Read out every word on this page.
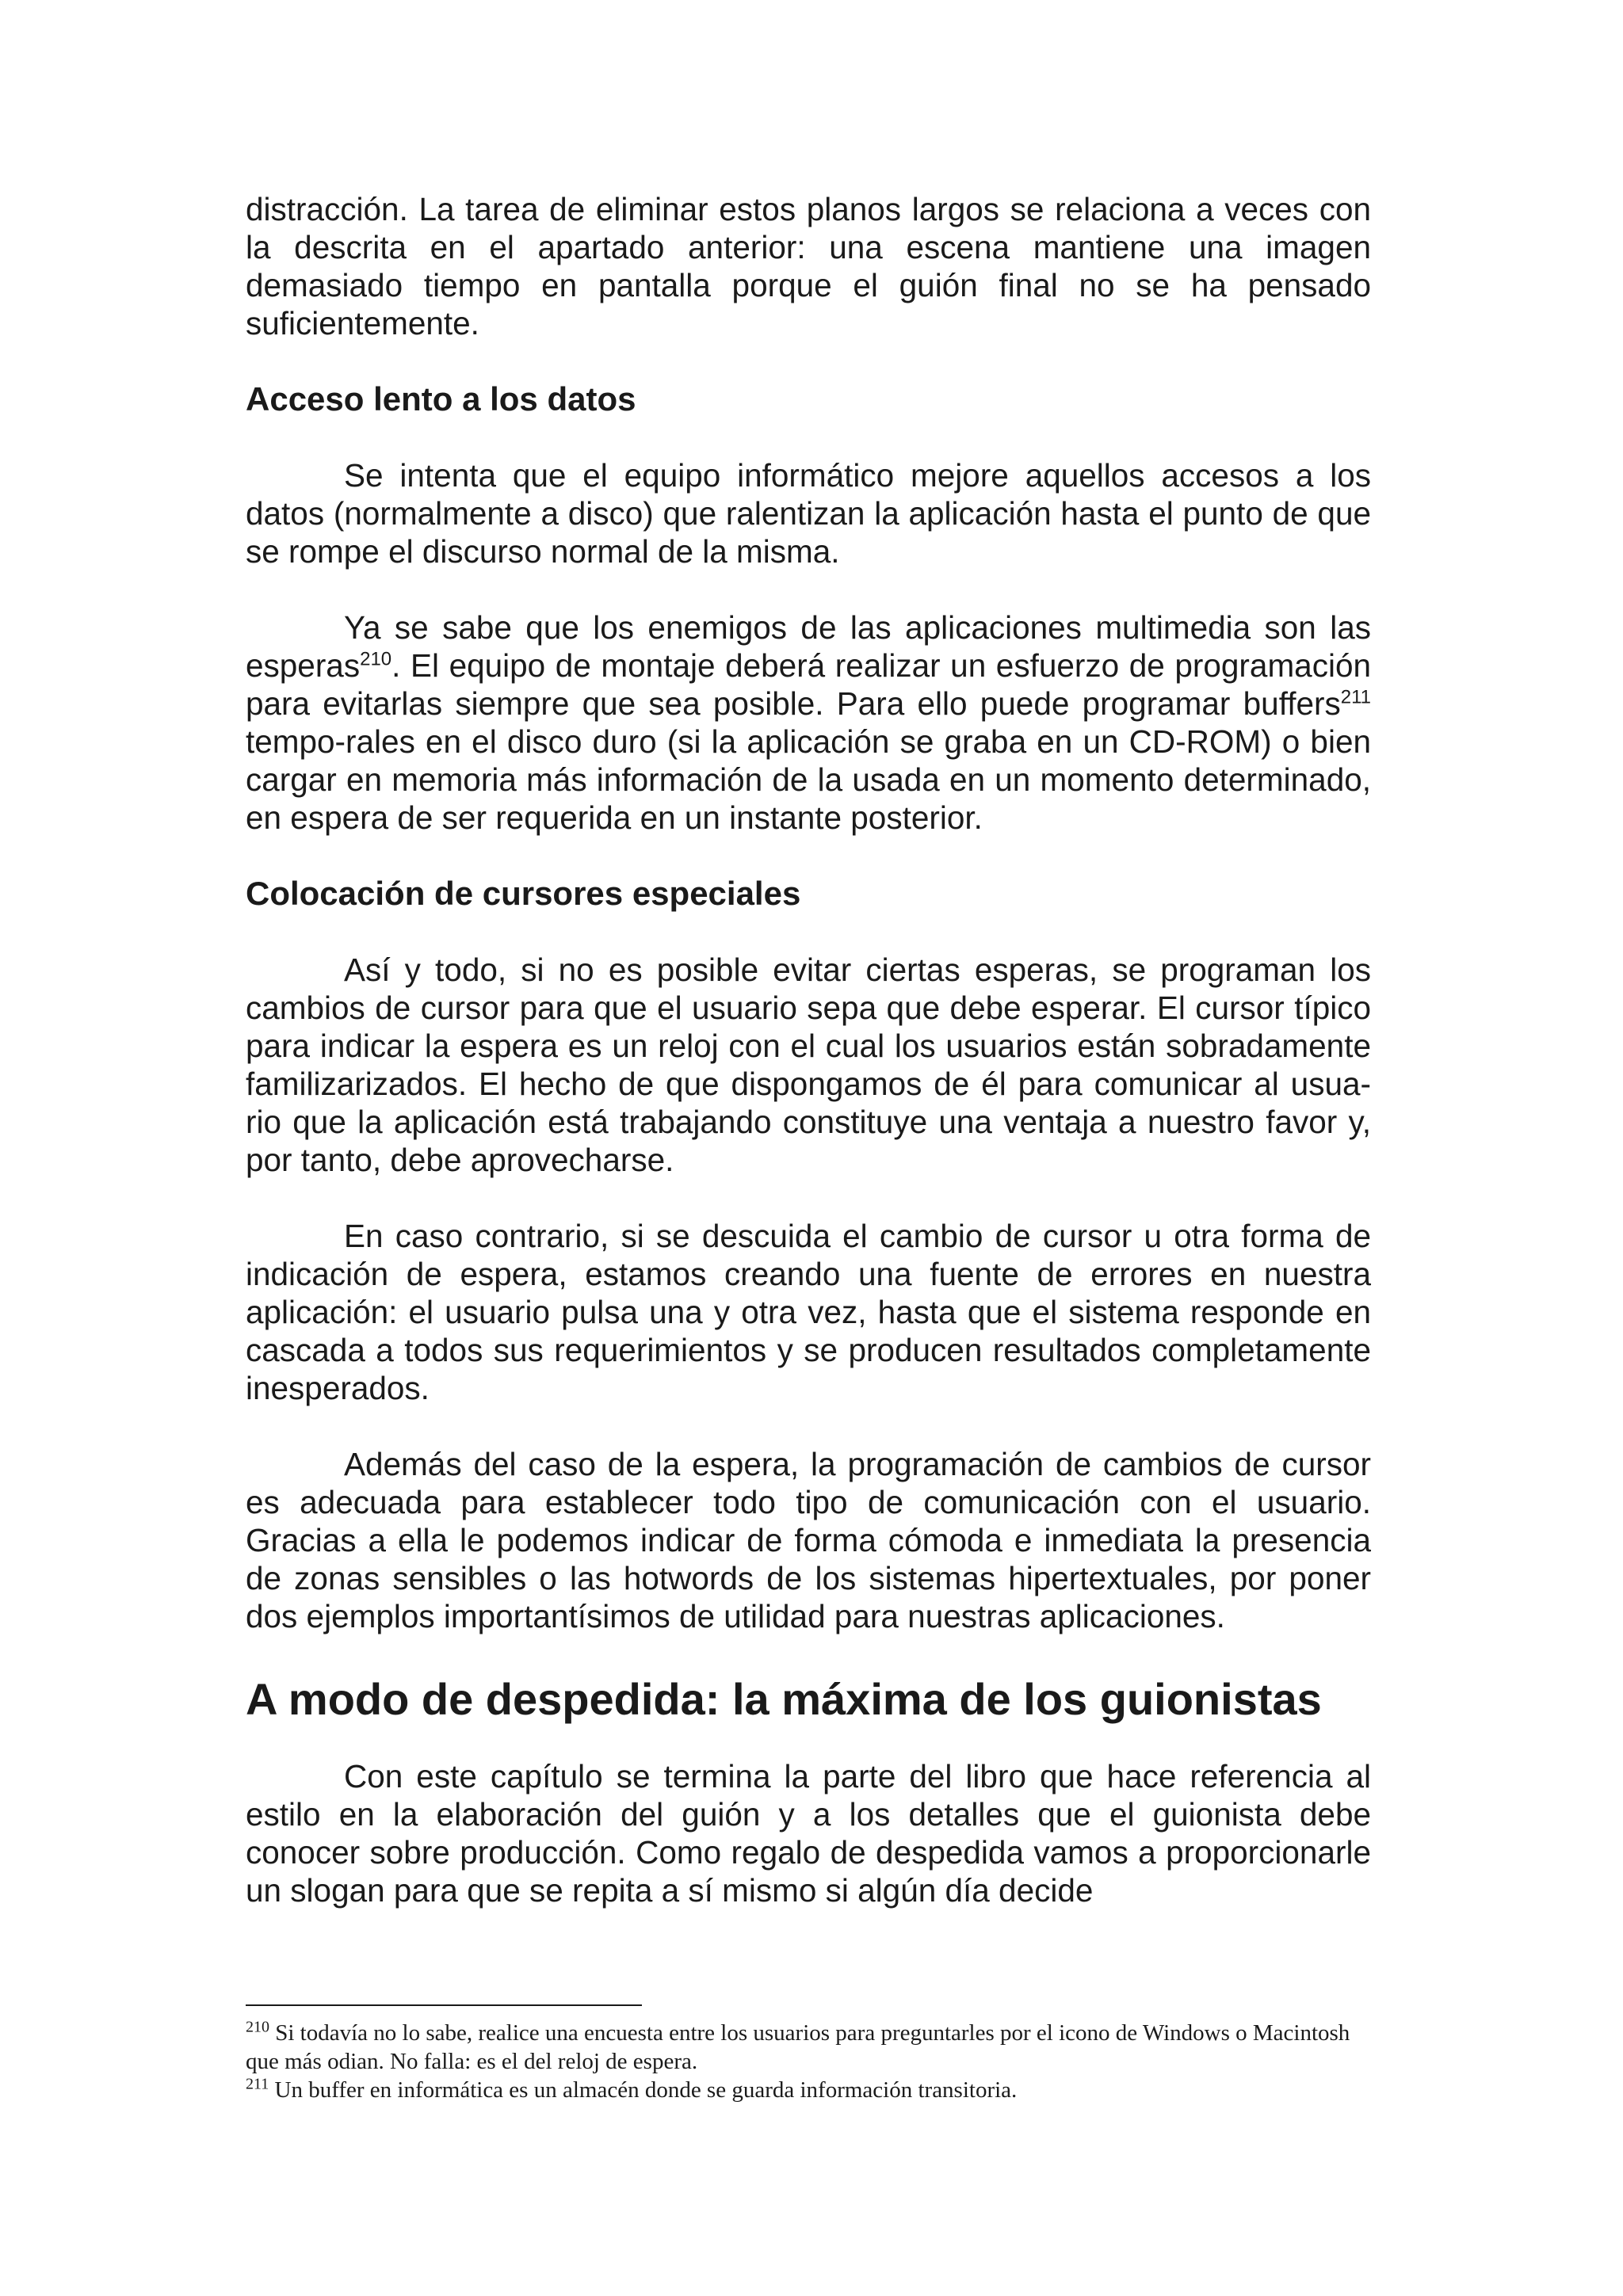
distracción. La tarea de eliminar estos planos largos se relaciona a veces con la descrita en el apartado anterior: una escena mantiene una imagen demasiado tiempo en pantalla porque el guión final no se ha pensado suficientemente.

Acceso lento a los datos

Se intenta que el equipo informático mejore aquellos accesos a los datos (normalmente a disco) que ralentizan la aplicación hasta el punto de que se rompe el discurso normal de la misma.

Ya se sabe que los enemigos de las aplicaciones multimedia son las esperas$^{210}$. El equipo de montaje deberá realizar un esfuerzo de programación para evitarlas siempre que sea posible. Para ello puede programar buffers$^{211}$ tempo-rales en el disco duro (si la aplicación se graba en un CD-ROM) o bien cargar en memoria más información de la usada en un momento determinado, en espera de ser requerida en un instante posterior.

Colocación de cursores especiales

Así y todo, si no es posible evitar ciertas esperas, se programan los cambios de cursor para que el usuario sepa que debe esperar. El cursor típico para indicar la espera es un reloj con el cual los usuarios están sobradamente familizarizados. El hecho de que dispongamos de él para comunicar al usua-rio que la aplicación está trabajando constituye una ventaja a nuestro favor y, por tanto, debe aprovecharse.

En caso contrario, si se descuida el cambio de cursor u otra forma de indicación de espera, estamos creando una fuente de errores en nuestra aplicación: el usuario pulsa una y otra vez, hasta que el sistema responde en cascada a todos sus requerimientos y se producen resultados completamente inesperados.

Además del caso de la espera, la programación de cambios de cursor es adecuada para establecer todo tipo de comunicación con el usuario. Gracias a ella le podemos indicar de forma cómoda e inmediata la presencia de zonas sensibles o las hotwords de los sistemas hipertextuales, por poner dos ejemplos importantísimos de utilidad para nuestras aplicaciones.

A modo de despedida: la máxima de los guionistas

Con este capítulo se termina la parte del libro que hace referencia al estilo en la elaboración del guión y a los detalles que el guionista debe conocer sobre producción. Como regalo de despedida vamos a proporcionarle un slogan para que se repita a sí mismo si algún día decide

$^{210}$ Si todavía no lo sabe, realice una encuesta entre los usuarios para preguntarles por el icono de Windows o Macintosh que más odian. No falla: es el del reloj de espera.

$^{211}$ Un buffer en informática es un almacén donde se guarda información transitoria.
